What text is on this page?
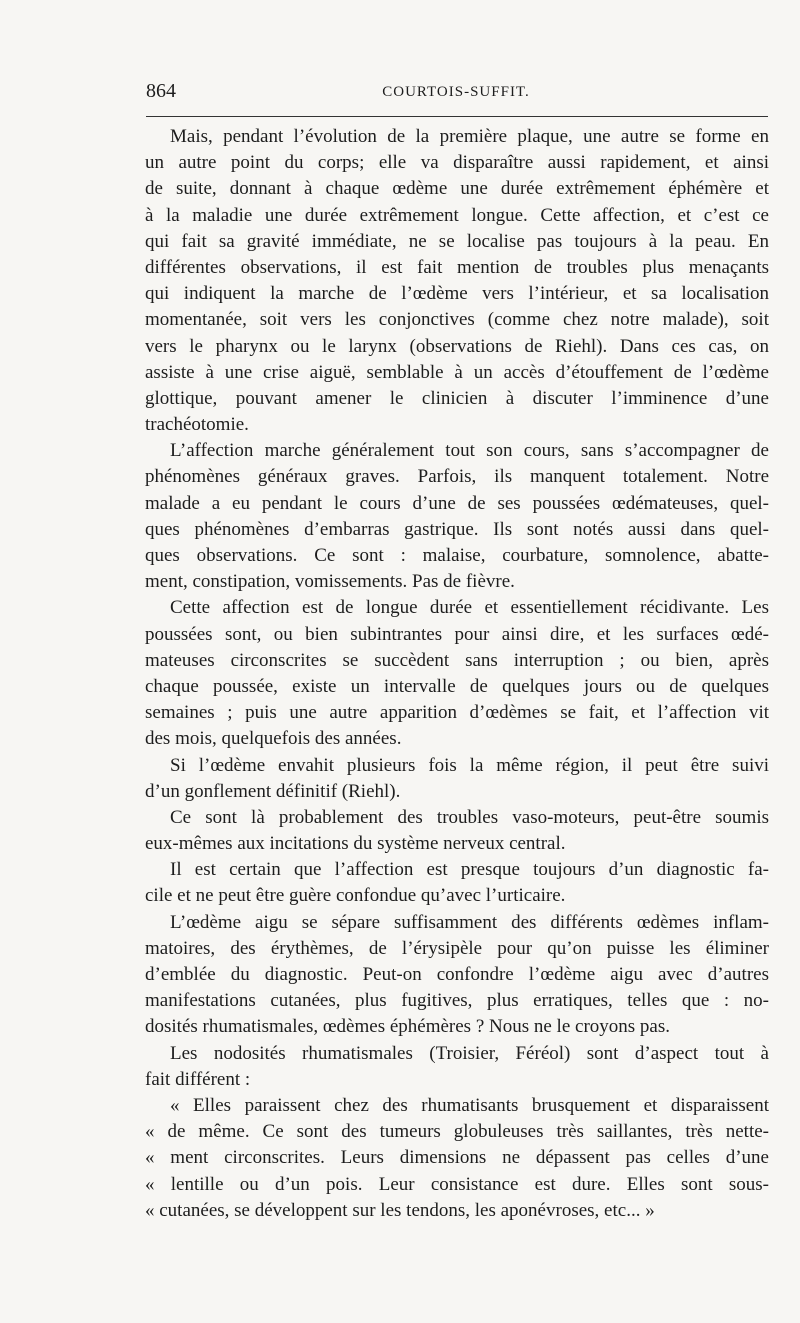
864	COURTOIS-SUFFIT.
Mais, pendant l’évolution de la première plaque, une autre se forme en
un autre point du corps; elle va disparaître aussi rapidement, et ainsi
de suite, donnant à chaque œdème une durée extrêmement éphémère et
à la maladie une durée extrêmement longue. Cette affection, et c’est ce
qui fait sa gravité immédiate, ne se localise pas toujours à la peau. En
différentes observations, il est fait mention de troubles plus menaçants
qui indiquent la marche de l’œdème vers l’intérieur, et sa localisation
momentanée, soit vers les conjonctives (comme chez notre malade), soit
vers le pharynx ou le larynx (observations de Riehl). Dans ces cas, on
assiste à une crise aiguë, semblable à un accès d’étouffement de l’œdème
glottique, pouvant amener le clinicien à discuter l’imminence d’une
trachéotomie.
L’affection marche généralement tout son cours, sans s’accompagner de
phénomènes généraux graves. Parfois, ils manquent totalement. Notre
malade a eu pendant le cours d’une de ses poussées œdémateuses, quel-
ques phénomènes d’embarras gastrique. Ils sont notés aussi dans quel-
ques observations. Ce sont : malaise, courbature, somnolence, abatte-
ment, constipation, vomissements. Pas de fièvre.
Cette affection est de longue durée et essentiellement récidivante. Les
poussées sont, ou bien subintrantes pour ainsi dire, et les surfaces œdé-
mateuses circonscrites se succèdent sans interruption ; ou bien, après
chaque poussée, existe un intervalle de quelques jours ou de quelques
semaines ; puis une autre apparition d’œdèmes se fait, et l’affection vit
des mois, quelquefois des années.
Si l’œdème envahit plusieurs fois la même région, il peut être suivi
d’un gonflement définitif (Riehl).
Ce sont là probablement des troubles vaso-moteurs, peut-être soumis
eux-mêmes aux incitations du système nerveux central.
Il est certain que l’affection est presque toujours d’un diagnostic fa-
cile et ne peut être guère confondue qu’avec l’urticaire.
L’œdème aigu se sépare suffisamment des différents œdèmes inflam-
matoires, des érythèmes, de l’érysipèle pour qu’on puisse les éliminer
d’emblée du diagnostic. Peut-on confondre l’œdème aigu avec d’autres
manifestations cutanées, plus fugitives, plus erratiques, telles que : no-
dosités rhumatismales, œdèmes éphémères ? Nous ne le croyons pas.
Les nodosités rhumatismales (Troisier, Féréol) sont d’aspect tout à
fait différent :
« Elles paraissent chez des rhumatisants brusquement et disparaissent
« de même. Ce sont des tumeurs globuleuses très saillantes, très nette-
« ment circonscrites. Leurs dimensions ne dépassent pas celles d’une
« lentille ou d’un pois. Leur consistance est dure. Elles sont sous-
« cutanées, se développent sur les tendons, les aponévroses, etc... »
